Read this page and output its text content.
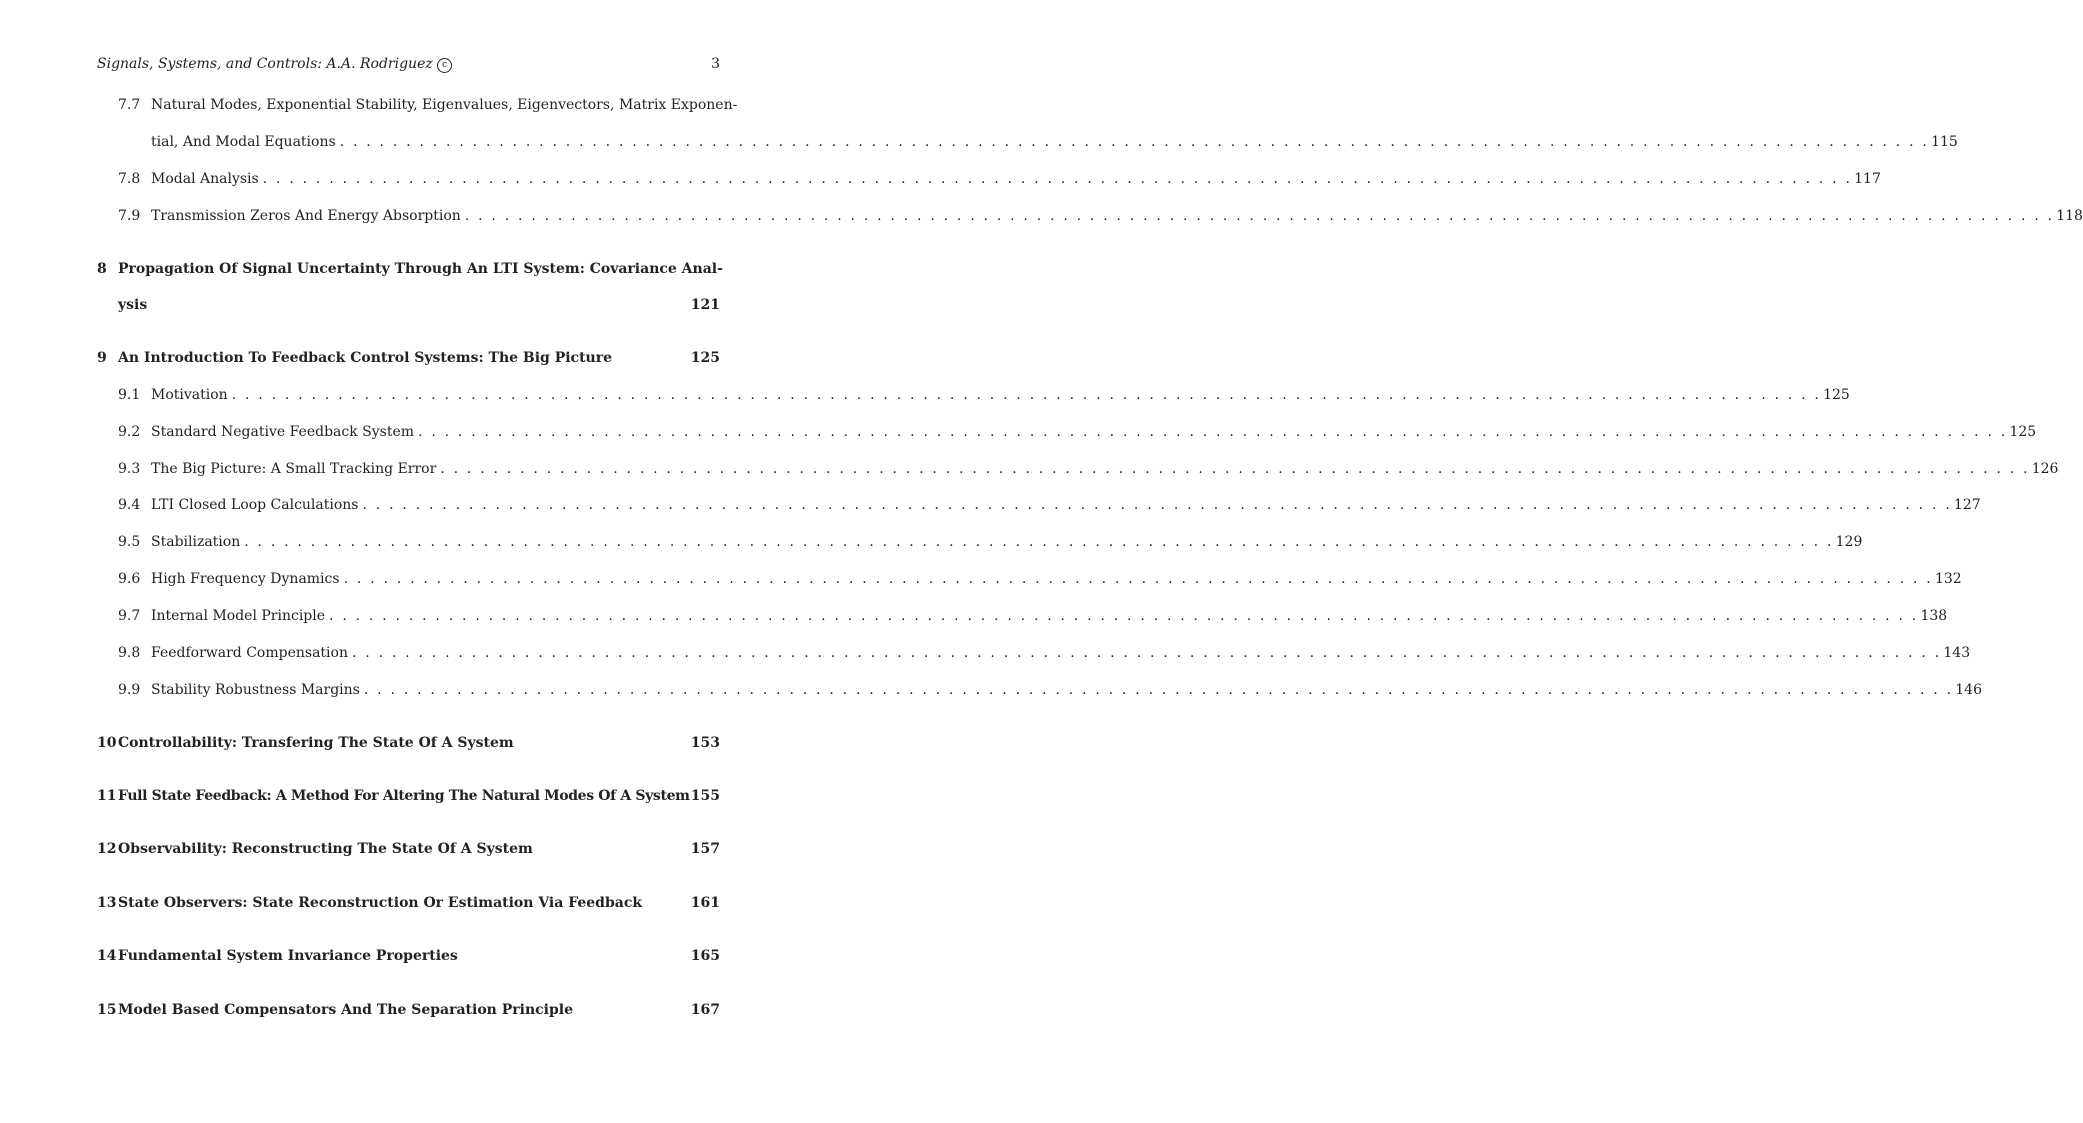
Signals, Systems, and Controls: A.A. Rodriguez c	3
7.7 Natural Modes, Exponential Stability, Eigenvalues, Eigenvectors, Matrix Exponen-
tial, And Modal Equations . . . . . . . . . . . . . . . . . . . . . . . . . . . . . . . . . . . . . . . . . . . . . . . . . . . . . . . . . . . . . . . . . . . . . . . . . . . . . . . . . . . . . . . . . . . . . . . . . . . . . . . . . . . . . . . . . . . . . . . . 115
7.8 Modal Analysis . . . . . . . . . . . . . . . . . . . . . . . . . . . . . . . . . . . . . . . . . . . . . . . . . . . . . . . . . . . . . . . . . . . . . . . . . . . . . . . . . . . . . . . . . . . . . . . . . . . . . . . . . . . . . . . . . . . . . . . . 117
7.9 Transmission Zeros And Energy Absorption . . . . . . . . . . . . . . . . . . . . . . . . . . . . . . . . . . . . . . . . . . . . . . . . . . . . . . . . . . . . . . . . . . . . . . . . . . . . . . . . . . . . . . . . . . . . . . . . . . . . . . . . . . . . . . . . . . . . . . . . 118
8 Propagation Of Signal Uncertainty Through An LTI System: Covariance Anal-
ysis	121
9 An Introduction To Feedback Control Systems: The Big Picture	125
9.1 Motivation . . . . . . . . . . . . . . . . . . . . . . . . . . . . . . . . . . . . . . . . . . . . . . . . . . . . . . . . . . . . . . . . . . . . . . . . . . . . . . . . . . . . . . . . . . . . . . . . . . . . . . . . . . . . . . . . . . . . . . . . 125
9.2 Standard Negative Feedback System . . . . . . . . . . . . . . . . . . . . . . . . . . . . . . . . . . . . . . . . . . . . . . . . . . . . . . . . . . . . . . . . . . . . . . . . . . . . . . . . . . . . . . . . . . . . . . . . . . . . . . . . . . . . . . . . . . . . . . . . 125
9.3 The Big Picture: A Small Tracking Error . . . . . . . . . . . . . . . . . . . . . . . . . . . . . . . . . . . . . . . . . . . . . . . . . . . . . . . . . . . . . . . . . . . . . . . . . . . . . . . . . . . . . . . . . . . . . . . . . . . . . . . . . . . . . . . . . . . . . . . . 126
9.4 LTI Closed Loop Calculations . . . . . . . . . . . . . . . . . . . . . . . . . . . . . . . . . . . . . . . . . . . . . . . . . . . . . . . . . . . . . . . . . . . . . . . . . . . . . . . . . . . . . . . . . . . . . . . . . . . . . . . . . . . . . . . . . . . . . . . . 127
9.5 Stabilization . . . . . . . . . . . . . . . . . . . . . . . . . . . . . . . . . . . . . . . . . . . . . . . . . . . . . . . . . . . . . . . . . . . . . . . . . . . . . . . . . . . . . . . . . . . . . . . . . . . . . . . . . . . . . . . . . . . . . . . . 129
9.6 High Frequency Dynamics . . . . . . . . . . . . . . . . . . . . . . . . . . . . . . . . . . . . . . . . . . . . . . . . . . . . . . . . . . . . . . . . . . . . . . . . . . . . . . . . . . . . . . . . . . . . . . . . . . . . . . . . . . . . . . . . . . . . . . . . 132
9.7 Internal Model Principle . . . . . . . . . . . . . . . . . . . . . . . . . . . . . . . . . . . . . . . . . . . . . . . . . . . . . . . . . . . . . . . . . . . . . . . . . . . . . . . . . . . . . . . . . . . . . . . . . . . . . . . . . . . . . . . . . . . . . . . . 138
9.8 Feedforward Compensation . . . . . . . . . . . . . . . . . . . . . . . . . . . . . . . . . . . . . . . . . . . . . . . . . . . . . . . . . . . . . . . . . . . . . . . . . . . . . . . . . . . . . . . . . . . . . . . . . . . . . . . . . . . . . . . . . . . . . . . . 143
9.9 Stability Robustness Margins . . . . . . . . . . . . . . . . . . . . . . . . . . . . . . . . . . . . . . . . . . . . . . . . . . . . . . . . . . . . . . . . . . . . . . . . . . . . . . . . . . . . . . . . . . . . . . . . . . . . . . . . . . . . . . . . . . . . . . . . 146
10 Controllability: Transfering The State Of A System	153
11 Full State Feedback: A Method For Altering The Natural Modes Of A System 155
12 Observability: Reconstructing The State Of A System	157
13 State Observers: State Reconstruction Or Estimation Via Feedback	161
14 Fundamental System Invariance Properties	165
15 Model Based Compensators And The Separation Principle	167
